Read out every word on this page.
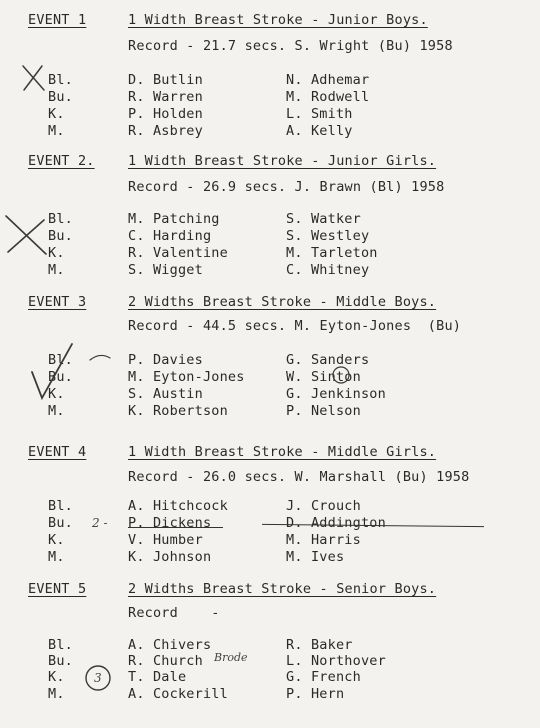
EVENT 1	1 Width Breast Stroke - Junior Boys.
Record - 21.7 secs. S. Wright (Bu) 1958
Bl.	D. Butlin	N. Adhemar
Bu.	R. Warren	M. Rodwell
K.	P. Holden	L. Smith
M.	R. Asbrey	A. Kelly
EVENT 2. 1 Width Breast Stroke - Junior Girls.
Record - 26.9 secs. J. Brawn (Bl) 1958
Bl.	M. Patching	S. Watker
Bu.	C. Harding	S. Westley
K.	R. Valentine	M. Tarleton
M.	S. Wigget	C. Whitney
EVENT 3	2 Widths Breast Stroke - Middle Boys.
Record - 44.5 secs. M. Eyton-Jones  (Bu)
Bl.	P. Davies	G. Sanders
Bu.	M. Eyton-Jones	W. Sinton
K.	S. Austin	G. Jenkinson
M.	K. Robertson	P. Nelson
EVENT 4	1 Width Breast Stroke - Middle Girls.
Record - 26.0 secs. W. Marshall (Bu) 1958
Bl.	A. Hitchcock	J. Crouch
Bu. 2 - P. Dickens	D. Addington
K.	V. Humber	M. Harris
M.	K. Johnson	M. Ives
EVENT 5	2 Widths Breast Stroke - Senior Boys.
Record    -
Bl.	A. Chivers	R. Baker
Bu.	R. Church Brode	L. Northover
K.	T. Dale	G. French
M.	A. Cockerill	P. Hern
3
